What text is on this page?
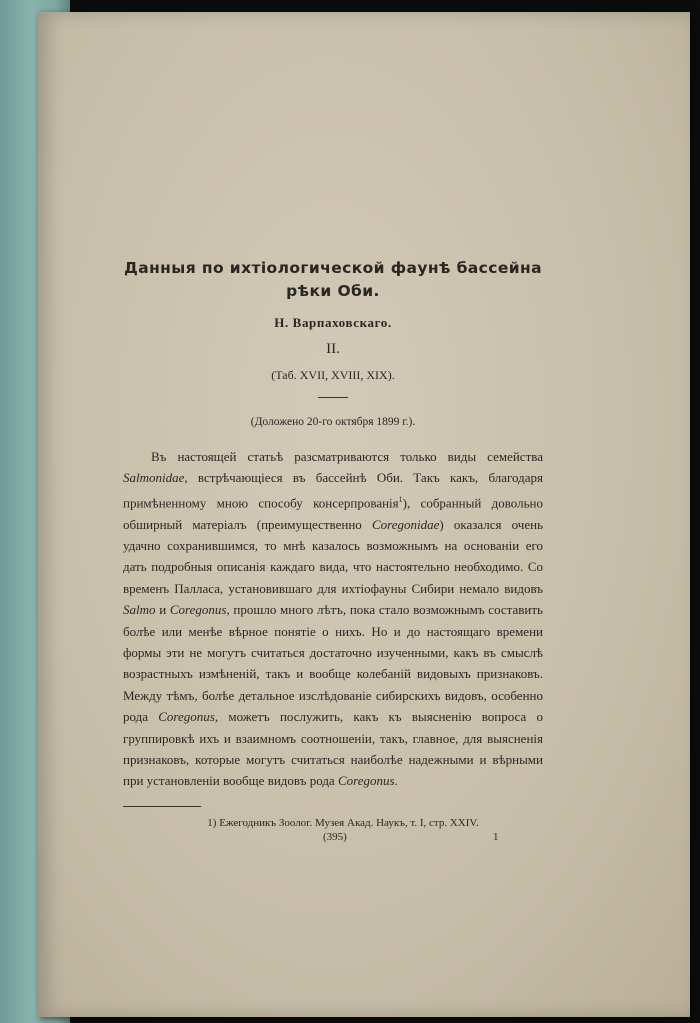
Данныя по ихтiологической фаунѣ бассейна
рѣки Оби.
Н. Варпаховскаго.
II.
(Таб. XVII, XVIII, XIX).
(Доложено 20-го октября 1899 г.).

Въ настоящей статьѣ разсматриваются только виды семейства Salmonidae, встрѣчающiеся въ бассейнѣ Оби. Такъ какъ, благодаря примѣненному мною способу консерпрованiя$^1$), собранный довольно обширный матерiалъ (преимущественно Coregonidae) оказался очень удачно сохранившимся, то мнѣ казалось возможнымъ на основанiи его дать подробныя описанiя каждаго вида, что настоятельно необходимо. Со временъ Палласа, установившаго для ихтiофауны Сибири немало видовъ Salmo и Coregonus, прошло много лѣтъ, пока стало возможнымъ составить болѣе или менѣе вѣрное понятiе о нихъ. Но и до настоящаго времени формы эти не могутъ считаться достаточно изученными, какъ въ смыслѣ возрастныхъ измѣненiй, такъ и вообще колебанiй видовыхъ признаковъ. Между тѣмъ, болѣе детальное изслѣдованiе сибирскихъ видовъ, особенно рода Coregonus, можетъ послужить, какъ къ выясненiю вопроса о группировкѣ ихъ и взаимномъ соотношенiи, такъ, главное, для выясненiя признаковъ, которые могутъ считаться наиболѣе надежными и вѣрными при установленiи вообще видовъ рода Coregonus.

1) Ежегодникъ Зоолог. Музея Акад. Наукъ, т. I, стр. XXIV.
(395)	1
